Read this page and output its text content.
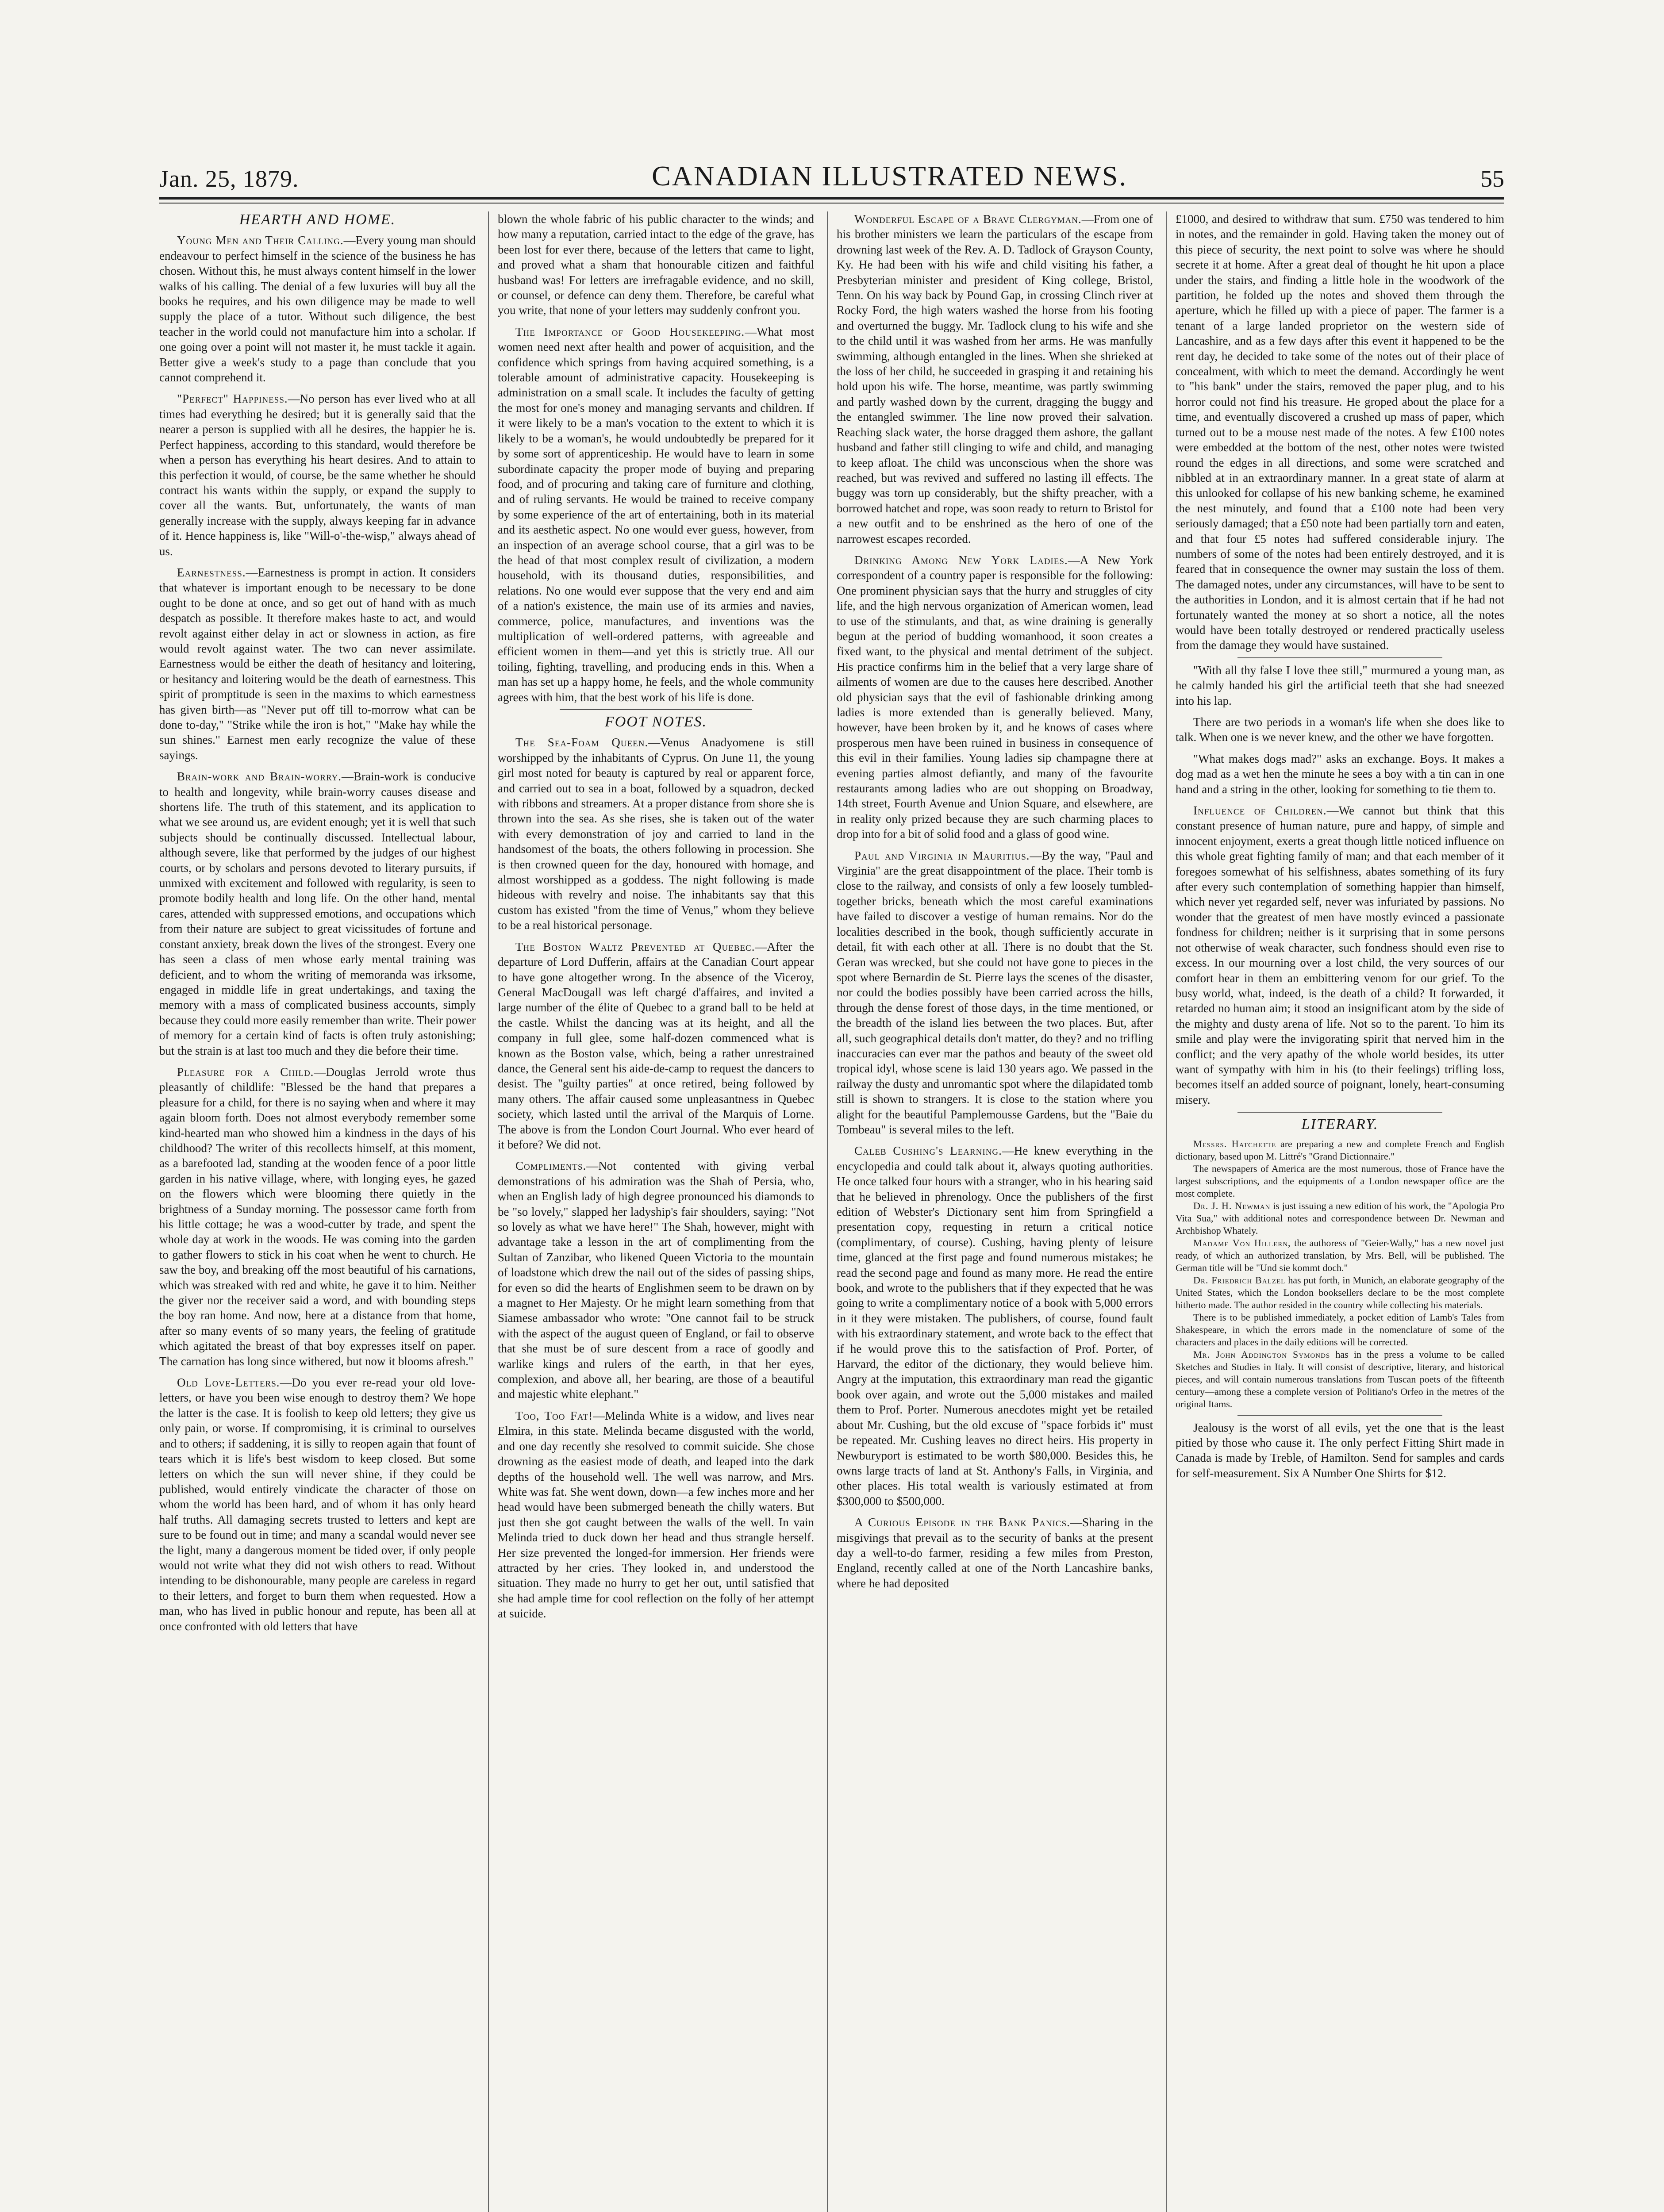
Jan. 25, 1879.	CANADIAN ILLUSTRATED NEWS.	55

HEARTH AND HOME.

Young Men and Their Calling.—Every young man should endeavour to perfect himself in the science of the business he has chosen. Without this, he must always content himself in the lower walks of his calling. The denial of a few luxuries will buy all the books he requires, and his own diligence may be made to well supply the place of a tutor. Without such diligence, the best teacher in the world could not manufacture him into a scholar. If one going over a point will not master it, he must tackle it again. Better give a week's study to a page than conclude that you cannot comprehend it.

"Perfect" Happiness.—No person has ever lived who at all times had everything he desired; but it is generally said that the nearer a person is supplied with all he desires, the happier he is. Perfect happiness, according to this standard, would therefore be when a person has everything his heart desires. And to attain to this perfection it would, of course, be the same whether he should contract his wants within the supply, or expand the supply to cover all the wants. But, unfortunately, the wants of man generally increase with the supply, always keeping far in advance of it. Hence happiness is, like "Will-o'-the-wisp," always ahead of us.

Earnestness.—Earnestness is prompt in action. It considers that whatever is important enough to be necessary to be done ought to be done at once, and so get out of hand with as much despatch as possible. It therefore makes haste to act, and would revolt against either delay in act or slowness in action, as fire would revolt against water. The two can never assimilate. Earnestness would be either the death of hesitancy and loitering, or hesitancy and loitering would be the death of earnestness. This spirit of promptitude is seen in the maxims to which earnestness has given birth—as "Never put off till to-morrow what can be done to-day," "Strike while the iron is hot," "Make hay while the sun shines." Earnest men early recognize the value of these sayings.

Brain-work and Brain-worry.—Brain-work is conducive to health and longevity, while brain-worry causes disease and shortens life. The truth of this statement, and its application to what we see around us, are evident enough; yet it is well that such subjects should be continually discussed. Intellectual labour, although severe, like that performed by the judges of our highest courts, or by scholars and persons devoted to literary pursuits, if unmixed with excitement and followed with regularity, is seen to promote bodily health and long life. On the other hand, mental cares, attended with suppressed emotions, and occupations which from their nature are subject to great vicissitudes of fortune and constant anxiety, break down the lives of the strongest. Every one has seen a class of men whose early mental training was deficient, and to whom the writing of memoranda was irksome, engaged in middle life in great undertakings, and taxing the memory with a mass of complicated business accounts, simply because they could more easily remember than write. Their power of memory for a certain kind of facts is often truly astonishing; but the strain is at last too much and they die before their time.

Pleasure for a Child.—Douglas Jerrold wrote thus pleasantly of childlife: "Blessed be the hand that prepares a pleasure for a child, for there is no saying when and where it may again bloom forth. Does not almost everybody remember some kind-hearted man who showed him a kindness in the days of his childhood? The writer of this recollects himself, at this moment, as a barefooted lad, standing at the wooden fence of a poor little garden in his native village, where, with longing eyes, he gazed on the flowers which were blooming there quietly in the brightness of a Sunday morning. The possessor came forth from his little cottage; he was a wood-cutter by trade, and spent the whole day at work in the woods. He was coming into the garden to gather flowers to stick in his coat when he went to church. He saw the boy, and breaking off the most beautiful of his carnations, which was streaked with red and white, he gave it to him. Neither the giver nor the receiver said a word, and with bounding steps the boy ran home. And now, here at a distance from that home, after so many events of so many years, the feeling of gratitude which agitated the breast of that boy expresses itself on paper. The carnation has long since withered, but now it blooms afresh."

Old Love-Letters.—Do you ever re-read your old love-letters, or have you been wise enough to destroy them? We hope the latter is the case. It is foolish to keep old letters; they give us only pain, or worse. If compromising, it is criminal to ourselves and to others; if saddening, it is silly to reopen again that fount of tears which it is life's best wisdom to keep closed. But some letters on which the sun will never shine, if they could be published, would entirely vindicate the character of those on whom the world has been hard, and of whom it has only heard half truths. All damaging secrets trusted to letters and kept are sure to be found out in time; and many a scandal would never see the light, many a dangerous moment be tided over, if only people would not write what they did not wish others to read. Without intending to be dishonourable, many people are careless in regard to their letters, and forget to burn them when requested. How a man, who has lived in public honour and repute, has been all at once confronted with old letters that have

blown the whole fabric of his public character to the winds; and how many a reputation, carried intact to the edge of the grave, has been lost for ever there, because of the letters that came to light, and proved what a sham that honourable citizen and faithful husband was! For letters are irrefragable evidence, and no skill, or counsel, or defence can deny them. Therefore, be careful what you write, that none of your letters may suddenly confront you.

The Importance of Good Housekeeping.—What most women need next after health and power of acquisition, and the confidence which springs from having acquired something, is a tolerable amount of administrative capacity. Housekeeping is administration on a small scale. It includes the faculty of getting the most for one's money and managing servants and children. If it were likely to be a man's vocation to the extent to which it is likely to be a woman's, he would undoubtedly be prepared for it by some sort of apprenticeship. He would have to learn in some subordinate capacity the proper mode of buying and preparing food, and of procuring and taking care of furniture and clothing, and of ruling servants. He would be trained to receive company by some experience of the art of entertaining, both in its material and its aesthetic aspect. No one would ever guess, however, from an inspection of an average school course, that a girl was to be the head of that most complex result of civilization, a modern household, with its thousand duties, responsibilities, and relations. No one would ever suppose that the very end and aim of a nation's existence, the main use of its armies and navies, commerce, police, manufactures, and inventions was the multiplication of well-ordered patterns, with agreeable and efficient women in them—and yet this is strictly true. All our toiling, fighting, travelling, and producing ends in this. When a man has set up a happy home, he feels, and the whole community agrees with him, that the best work of his life is done.

FOOT NOTES.

The Sea-Foam Queen.—Venus Anadyomene is still worshipped by the inhabitants of Cyprus. On June 11, the young girl most noted for beauty is captured by real or apparent force, and carried out to sea in a boat, followed by a squadron, decked with ribbons and streamers. At a proper distance from shore she is thrown into the sea. As she rises, she is taken out of the water with every demonstration of joy and carried to land in the handsomest of the boats, the others following in procession. She is then crowned queen for the day, honoured with homage, and almost worshipped as a goddess. The night following is made hideous with revelry and noise. The inhabitants say that this custom has existed "from the time of Venus," whom they believe to be a real historical personage.

The Boston Waltz Prevented at Quebec.—After the departure of Lord Dufferin, affairs at the Canadian Court appear to have gone altogether wrong. In the absence of the Viceroy, General MacDougall was left chargé d'affaires, and invited a large number of the élite of Quebec to a grand ball to be held at the castle. Whilst the dancing was at its height, and all the company in full glee, some half-dozen commenced what is known as the Boston valse, which, being a rather unrestrained dance, the General sent his aide-de-camp to request the dancers to desist. The "guilty parties" at once retired, being followed by many others. The affair caused some unpleasantness in Quebec society, which lasted until the arrival of the Marquis of Lorne. The above is from the London Court Journal. Who ever heard of it before? We did not.

Compliments.—Not contented with giving verbal demonstrations of his admiration was the Shah of Persia, who, when an English lady of high degree pronounced his diamonds to be "so lovely," slapped her ladyship's fair shoulders, saying: "Not so lovely as what we have here!" The Shah, however, might with advantage take a lesson in the art of complimenting from the Sultan of Zanzibar, who likened Queen Victoria to the mountain of loadstone which drew the nail out of the sides of passing ships, for even so did the hearts of Englishmen seem to be drawn on by a magnet to Her Majesty. Or he might learn something from that Siamese ambassador who wrote: "One cannot fail to be struck with the aspect of the august queen of England, or fail to observe that she must be of sure descent from a race of goodly and warlike kings and rulers of the earth, in that her eyes, complexion, and above all, her bearing, are those of a beautiful and majestic white elephant."

Too, Too Fat!—Melinda White is a widow, and lives near Elmira, in this state. Melinda became disgusted with the world, and one day recently she resolved to commit suicide. She chose drowning as the easiest mode of death, and leaped into the dark depths of the household well. The well was narrow, and Mrs. White was fat. She went down, down—a few inches more and her head would have been submerged beneath the chilly waters. But just then she got caught between the walls of the well. In vain Melinda tried to duck down her head and thus strangle herself. Her size prevented the longed-for immersion. Her friends were attracted by her cries. They looked in, and understood the situation. They made no hurry to get her out, until satisfied that she had ample time for cool reflection on the folly of her attempt at suicide.

Wonderful Escape of a Brave Clergyman.—From one of his brother ministers we learn the particulars of the escape from drowning last week of the Rev. A. D. Tadlock of Grayson County, Ky. He had been with his wife and child visiting his father, a Presbyterian minister and president of King college, Bristol, Tenn. On his way back by Pound Gap, in crossing Clinch river at Rocky Ford, the high waters washed the horse from his footing and overturned the buggy. Mr. Tadlock clung to his wife and she to the child until it was washed from her arms. He was manfully swimming, although entangled in the lines. When she shrieked at the loss of her child, he succeeded in grasping it and retaining his hold upon his wife. The horse, meantime, was partly swimming and partly washed down by the current, dragging the buggy and the entangled swimmer. The line now proved their salvation. Reaching slack water, the horse dragged them ashore, the gallant husband and father still clinging to wife and child, and managing to keep afloat. The child was unconscious when the shore was reached, but was revived and suffered no lasting ill effects. The buggy was torn up considerably, but the shifty preacher, with a borrowed hatchet and rope, was soon ready to return to Bristol for a new outfit and to be enshrined as the hero of one of the narrowest escapes recorded.

Drinking Among New York Ladies.—A New York correspondent of a country paper is responsible for the following: One prominent physician says that the hurry and struggles of city life, and the high nervous organization of American women, lead to use of the stimulants, and that, as wine draining is generally begun at the period of budding womanhood, it soon creates a fixed want, to the physical and mental detriment of the subject. His practice confirms him in the belief that a very large share of ailments of women are due to the causes here described. Another old physician says that the evil of fashionable drinking among ladies is more extended than is generally believed. Many, however, have been broken by it, and he knows of cases where prosperous men have been ruined in business in consequence of this evil in their families. Young ladies sip champagne there at evening parties almost defiantly, and many of the favourite restaurants among ladies who are out shopping on Broadway, 14th street, Fourth Avenue and Union Square, and elsewhere, are in reality only prized because they are such charming places to drop into for a bit of solid food and a glass of good wine.

Paul and Virginia in Mauritius.—By the way, "Paul and Virginia" are the great disappointment of the place. Their tomb is close to the railway, and consists of only a few loosely tumbled-together bricks, beneath which the most careful examinations have failed to discover a vestige of human remains. Nor do the localities described in the book, though sufficiently accurate in detail, fit with each other at all. There is no doubt that the St. Geran was wrecked, but she could not have gone to pieces in the spot where Bernardin de St. Pierre lays the scenes of the disaster, nor could the bodies possibly have been carried across the hills, through the dense forest of those days, in the time mentioned, or the breadth of the island lies between the two places. But, after all, such geographical details don't matter, do they? and no trifling inaccuracies can ever mar the pathos and beauty of the sweet old tropical idyl, whose scene is laid 130 years ago. We passed in the railway the dusty and unromantic spot where the dilapidated tomb still is shown to strangers. It is close to the station where you alight for the beautiful Pamplemousse Gardens, but the "Baie du Tombeau" is several miles to the left.

Caleb Cushing's Learning.—He knew everything in the encyclopedia and could talk about it, always quoting authorities. He once talked four hours with a stranger, who in his hearing said that he believed in phrenology. Once the publishers of the first edition of Webster's Dictionary sent him from Springfield a presentation copy, requesting in return a critical notice (complimentary, of course). Cushing, having plenty of leisure time, glanced at the first page and found numerous mistakes; he read the second page and found as many more. He read the entire book, and wrote to the publishers that if they expected that he was going to write a complimentary notice of a book with 5,000 errors in it they were mistaken. The publishers, of course, found fault with his extraordinary statement, and wrote back to the effect that if he would prove this to the satisfaction of Prof. Porter, of Harvard, the editor of the dictionary, they would believe him. Angry at the imputation, this extraordinary man read the gigantic book over again, and wrote out the 5,000 mistakes and mailed them to Prof. Porter. Numerous anecdotes might yet be retailed about Mr. Cushing, but the old excuse of "space forbids it" must be repeated. Mr. Cushing leaves no direct heirs. His property in Newburyport is estimated to be worth $80,000. Besides this, he owns large tracts of land at St. Anthony's Falls, in Virginia, and other places. His total wealth is variously estimated at from $300,000 to $500,000.

A Curious Episode in the Bank Panics.—Sharing in the misgivings that prevail as to the security of banks at the present day a well-to-do farmer, residing a few miles from Preston, England, recently called at one of the North Lancashire banks, where he had deposited

£1000, and desired to withdraw that sum. £750 was tendered to him in notes, and the remainder in gold. Having taken the money out of this piece of security, the next point to solve was where he should secrete it at home. After a great deal of thought he hit upon a place under the stairs, and finding a little hole in the woodwork of the partition, he folded up the notes and shoved them through the aperture, which he filled up with a piece of paper. The farmer is a tenant of a large landed proprietor on the western side of Lancashire, and as a few days after this event it happened to be the rent day, he decided to take some of the notes out of their place of concealment, with which to meet the demand. Accordingly he went to "his bank" under the stairs, removed the paper plug, and to his horror could not find his treasure. He groped about the place for a time, and eventually discovered a crushed up mass of paper, which turned out to be a mouse nest made of the notes. A few £100 notes were embedded at the bottom of the nest, other notes were twisted round the edges in all directions, and some were scratched and nibbled at in an extraordinary manner. In a great state of alarm at this unlooked for collapse of his new banking scheme, he examined the nest minutely, and found that a £100 note had been very seriously damaged; that a £50 note had been partially torn and eaten, and that four £5 notes had suffered considerable injury. The numbers of some of the notes had been entirely destroyed, and it is feared that in consequence the owner may sustain the loss of them. The damaged notes, under any circumstances, will have to be sent to the authorities in London, and it is almost certain that if he had not fortunately wanted the money at so short a notice, all the notes would have been totally destroyed or rendered practically useless from the damage they would have sustained.

"With all thy false I love thee still," murmured a young man, as he calmly handed his girl the artificial teeth that she had sneezed into his lap.

There are two periods in a woman's life when she does like to talk. When one is we never knew, and the other we have forgotten.

"What makes dogs mad?" asks an exchange. Boys. It makes a dog mad as a wet hen the minute he sees a boy with a tin can in one hand and a string in the other, looking for something to tie them to.

Influence of Children.—We cannot but think that this constant presence of human nature, pure and happy, of simple and innocent enjoyment, exerts a great though little noticed influence on this whole great fighting family of man; and that each member of it foregoes somewhat of his selfishness, abates something of its fury after every such contemplation of something happier than himself, which never yet regarded self, never was infuriated by passions. No wonder that the greatest of men have mostly evinced a passionate fondness for children; neither is it surprising that in some persons not otherwise of weak character, such fondness should even rise to excess. In our mourning over a lost child, the very sources of our comfort hear in them an embittering venom for our grief. To the busy world, what, indeed, is the death of a child? It forwarded, it retarded no human aim; it stood an insignificant atom by the side of the mighty and dusty arena of life. Not so to the parent. To him its smile and play were the invigorating spirit that nerved him in the conflict; and the very apathy of the whole world besides, its utter want of sympathy with him in his (to their feelings) trifling loss, becomes itself an added source of poignant, lonely, heart-consuming misery.

LITERARY.

Messrs. Hatchette are preparing a new and complete French and English dictionary, based upon M. Littré's "Grand Dictionnaire."

The newspapers of America are the most numerous, those of France have the largest subscriptions, and the equipments of a London newspaper office are the most complete.

Dr. J. H. Newman is just issuing a new edition of his work, the "Apologia Pro Vita Sua," with additional notes and correspondence between Dr. Newman and Archbishop Whately.

Madame Von Hillern, the authoress of "Geier-Wally," has a new novel just ready, of which an authorized translation, by Mrs. Bell, will be published. The German title will be "Und sie kommt doch."

Dr. Friedrich Balzel has put forth, in Munich, an elaborate geography of the United States, which the London booksellers declare to be the most complete hitherto made. The author resided in the country while collecting his materials.

There is to be published immediately, a pocket edition of Lamb's Tales from Shakespeare, in which the errors made in the nomenclature of some of the characters and places in the daily editions will be corrected.

Mr. John Addington Symonds has in the press a volume to be called Sketches and Studies in Italy. It will consist of descriptive, literary, and historical pieces, and will contain numerous translations from Tuscan poets of the fifteenth century—among these a complete version of Politiano's Orfeo in the metres of the original Itams.

Jealousy is the worst of all evils, yet the one that is the least pitied by those who cause it. The only perfect Fitting Shirt made in Canada is made by Treble, of Hamilton. Send for samples and cards for self-measurement. Six A Number One Shirts for $12.
